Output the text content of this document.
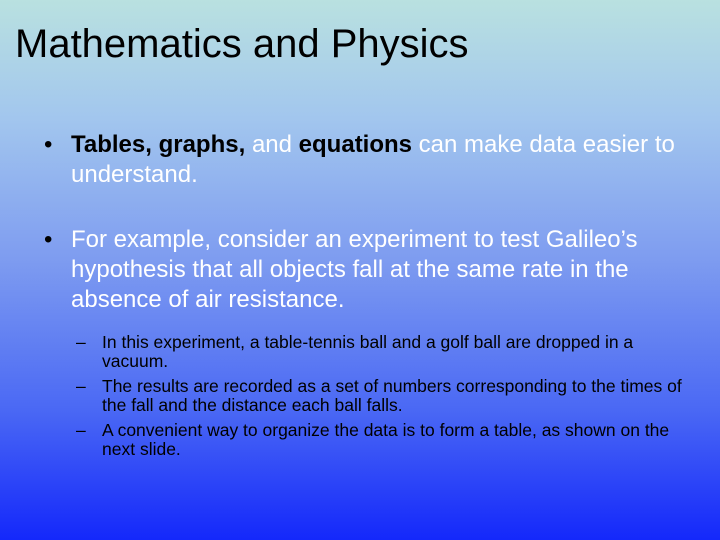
Mathematics and Physics
• Tables, graphs, and equations can make data easier to understand.
• For example, consider an experiment to test Galileo’s hypothesis that all objects fall at the same rate in the absence of air resistance.
– In this experiment, a table-tennis ball and a golf ball are dropped in a vacuum.
– The results are recorded as a set of numbers corresponding to the times of the fall and the distance each ball falls.
– A convenient way to organize the data is to form a table, as shown on the next slide.
